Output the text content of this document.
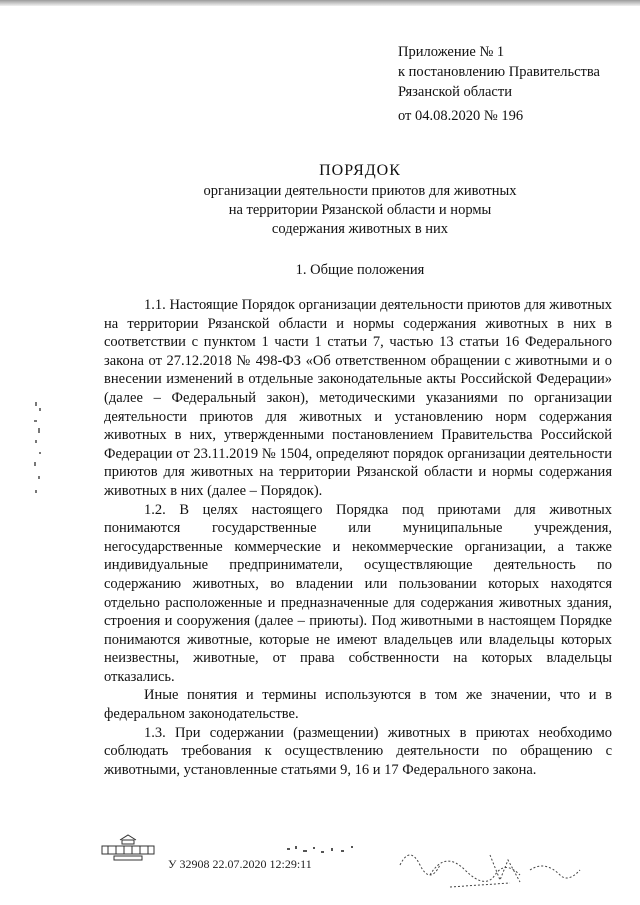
Приложение № 1
к постановлению Правительства
Рязанской области
от 04.08.2020 № 196
ПОРЯДОК
организации деятельности приютов для животных
на территории Рязанской области и нормы
содержания животных в них
1. Общие положения

1.1. Настоящие Порядок организации деятельности приютов для животных на территории Рязанской области и нормы содержания животных в них в соответствии с пунктом 1 части 1 статьи 7, частью 13 статьи 16 Федерального закона от 27.12.2018 № 498-ФЗ «Об ответственном обращении с животными и о внесении изменений в отдельные законодательные акты Российской Федерации» (далее – Федеральный закон), методическими указаниями по организации деятельности приютов для животных и установлению норм содержания животных в них, утвержденными постановлением Правительства Российской Федерации от 23.11.2019 № 1504, определяют порядок организации деятельности приютов для животных на территории Рязанской области и нормы содержания животных в них (далее – Порядок).

1.2. В целях настоящего Порядка под приютами для животных понимаются государственные или муниципальные учреждения, негосударственные коммерческие и некоммерческие организации, а также индивидуальные предприниматели, осуществляющие деятельность по содержанию животных, во владении или пользовании которых находятся отдельно расположенные и предназначенные для содержания животных здания, строения и сооружения (далее – приюты). Под животными в настоящем Порядке понимаются животные, которые не имеют владельцев или владельцы которых неизвестны, животные, от права собственности на которых владельцы отказались.

Иные понятия и термины используются в том же значении, что и в федеральном законодательстве.

1.3. При содержании (размещении) животных в приютах необходимо соблюдать требования к осуществлению деятельности по обращению с животными, установленные статьями 9, 16 и 17 Федерального закона.

У 32908 22.07.2020 12:29:11
